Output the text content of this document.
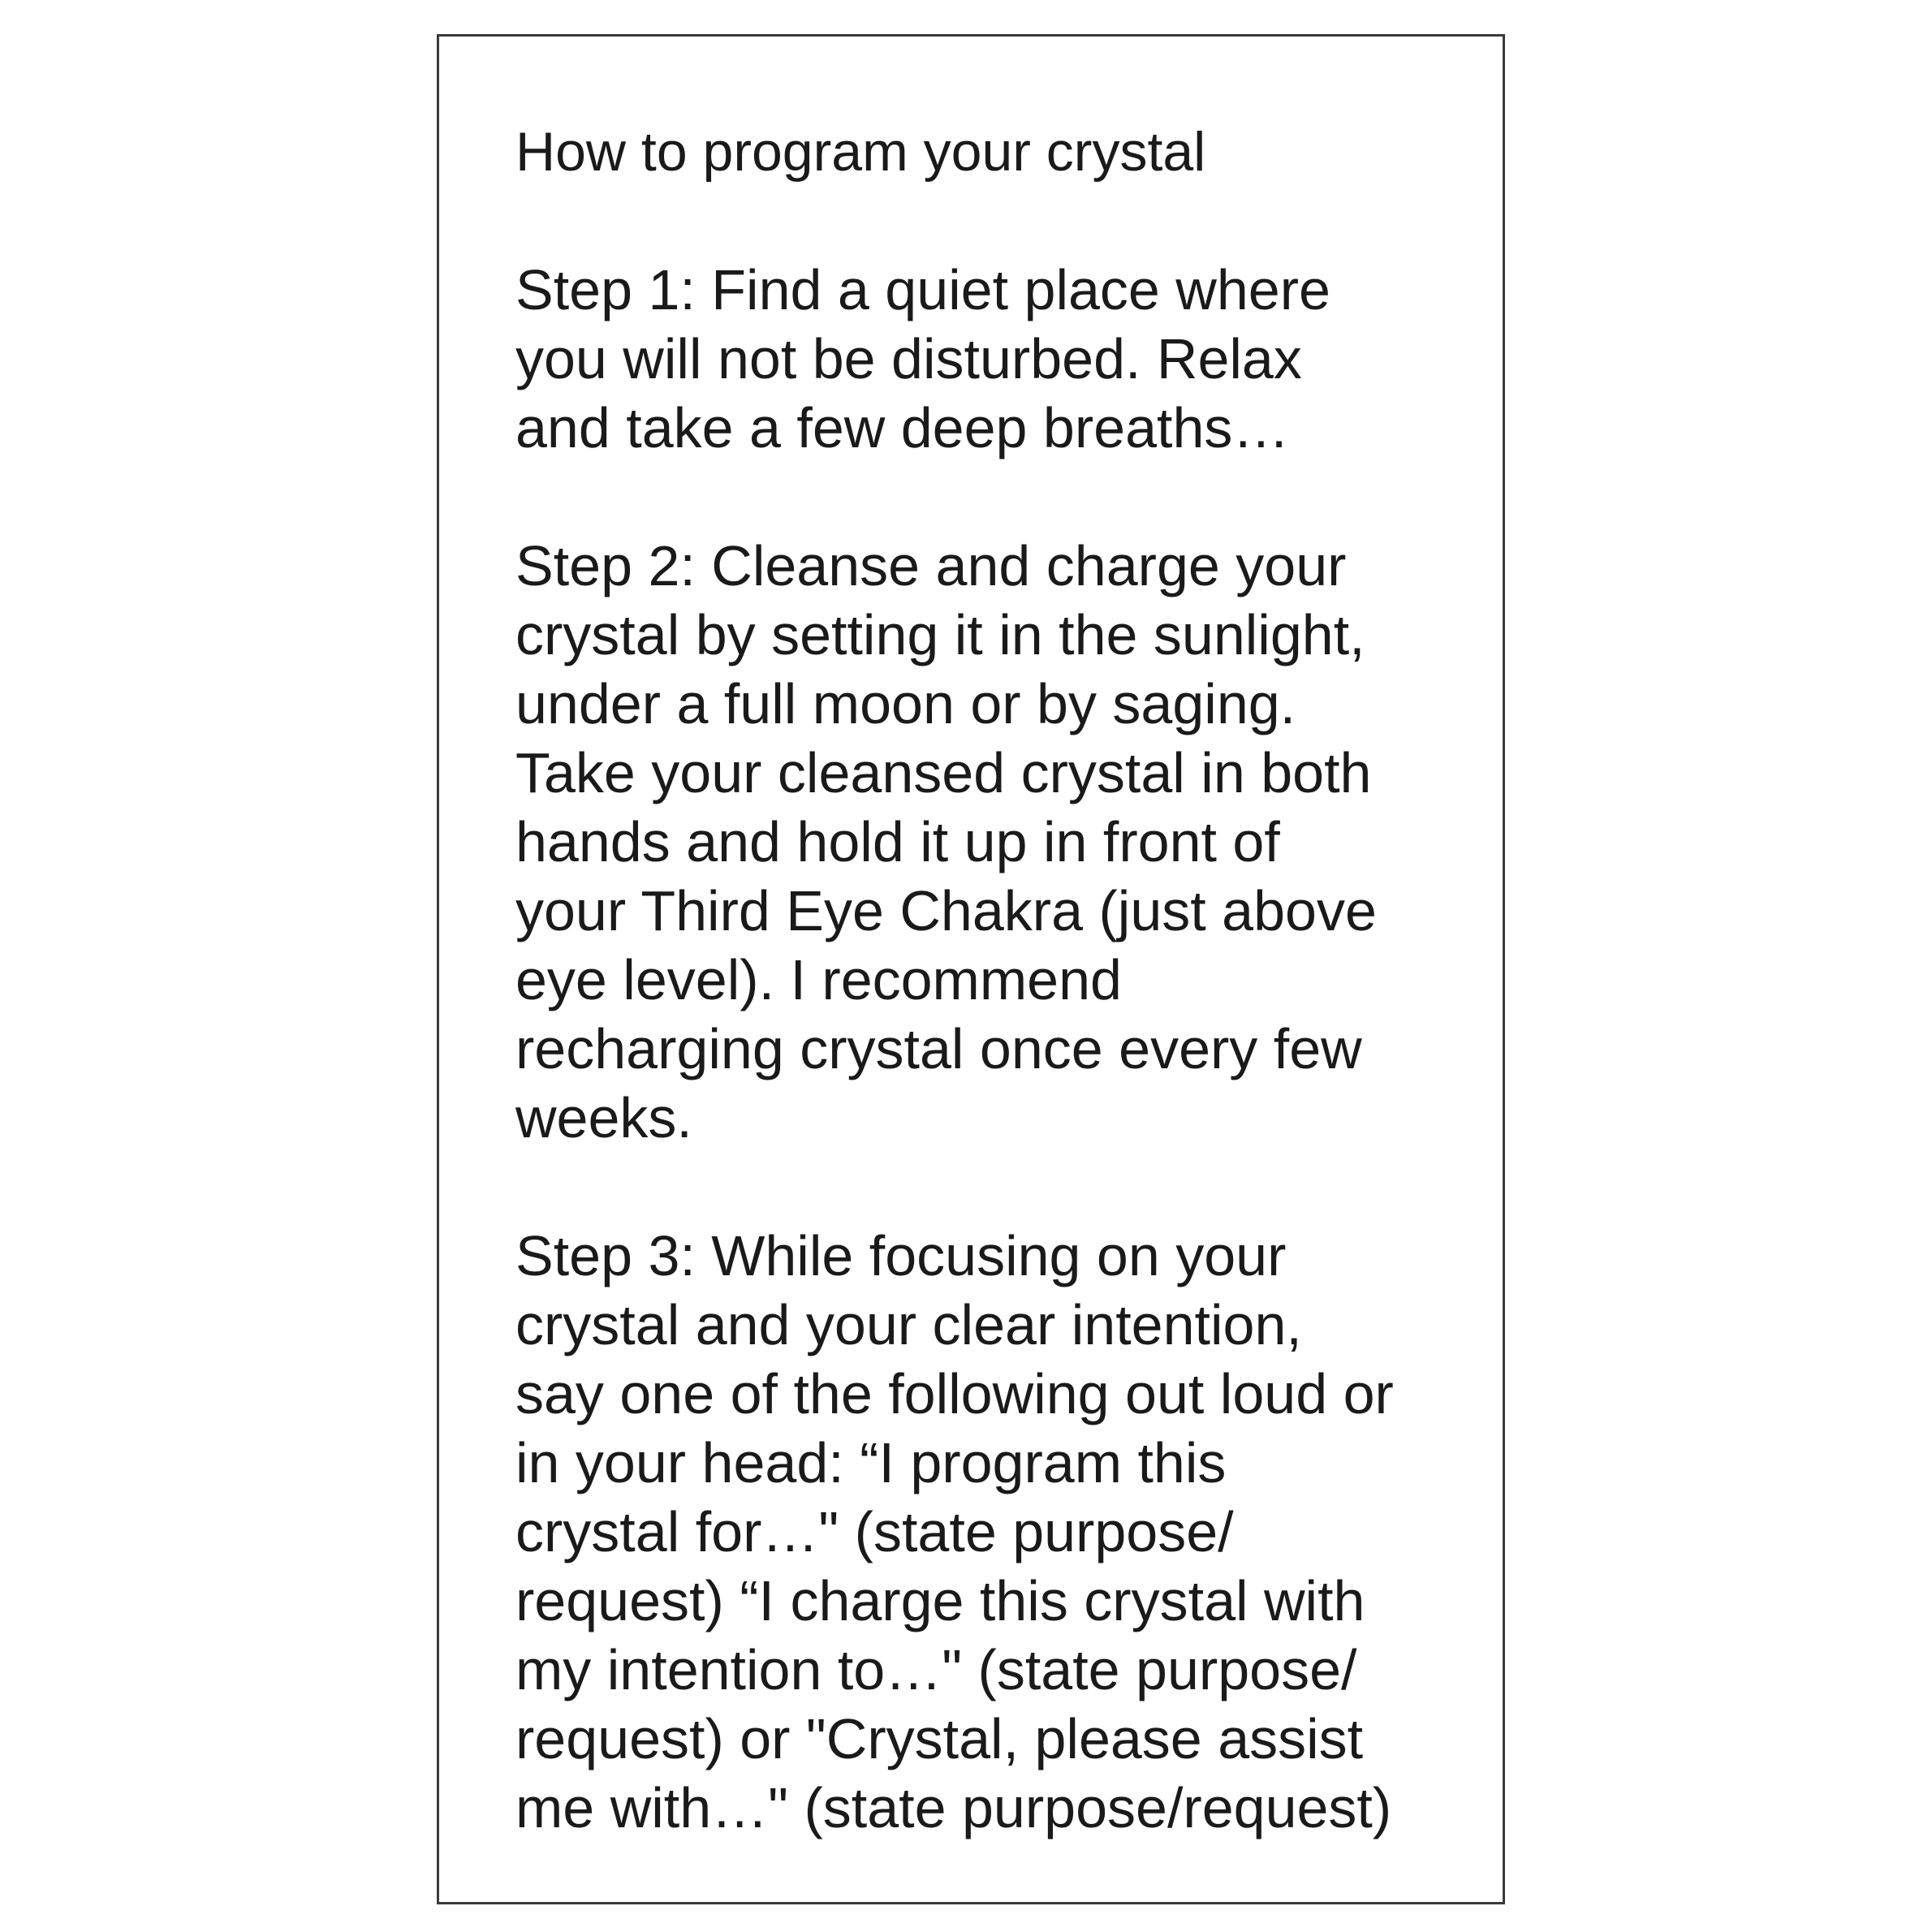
How to program your crystal
Step 1: Find a quiet place where
you will not be disturbed. Relax
and take a few deep breaths…
Step 2: Cleanse and charge your
crystal by setting it in the sunlight,
under a full moon or by saging.
Take your cleansed crystal in both
hands and hold it up in front of
your Third Eye Chakra (just above
eye level). I recommend
recharging crystal once every few
weeks.
Step 3: While focusing on your
crystal and your clear intention,
say one of the following out loud or
in your head: “I program this
crystal for…" (state purpose/
request) “I charge this crystal with
my intention to…" (state purpose/
request) or "Crystal, please assist
me with…" (state purpose/request)
